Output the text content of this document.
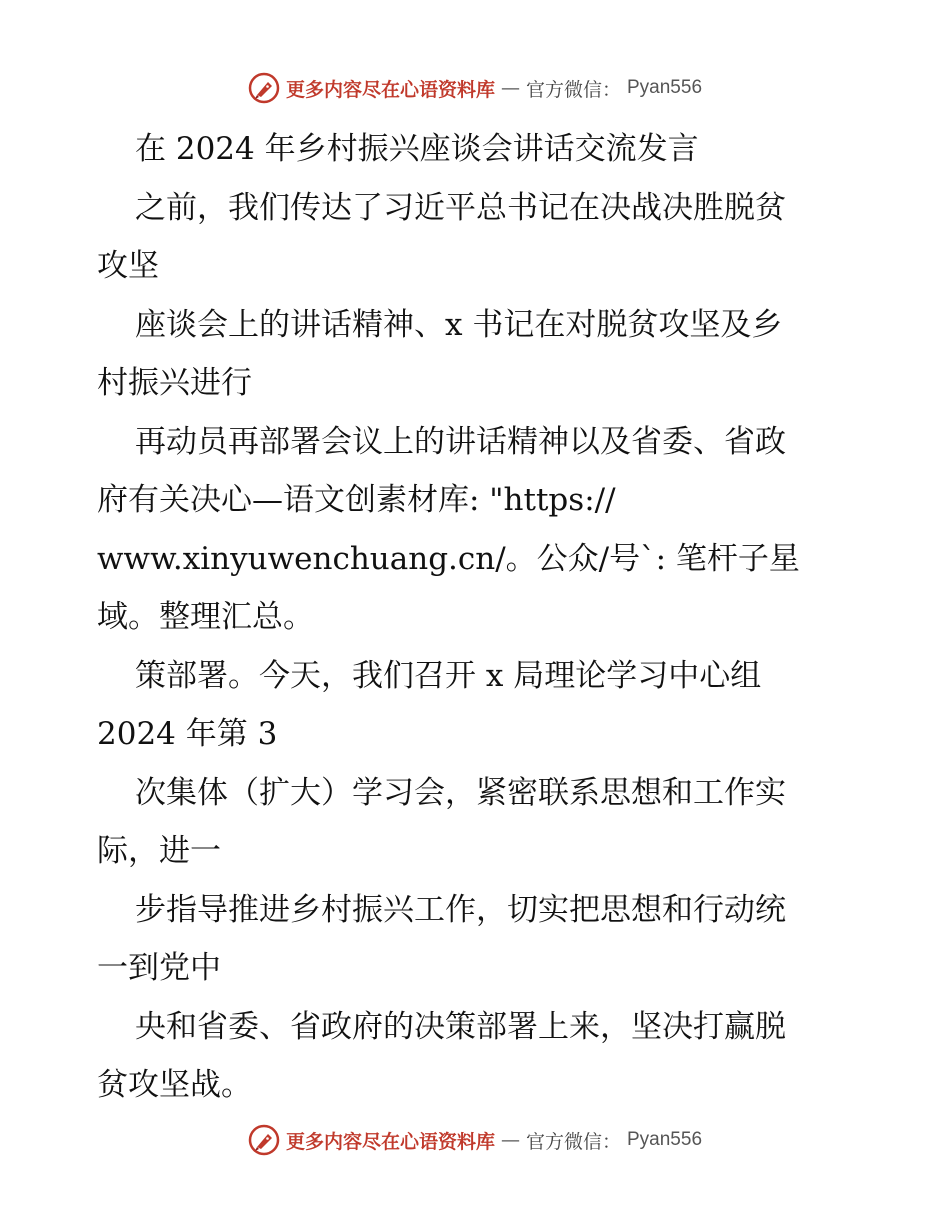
更多内容尽在心语资料库 — 官方微信： Pyan556
在 2024 年乡村振兴座谈会讲话交流发言
之前，我们传达了习近平总书记在决战决胜脱贫
攻坚
座谈会上的讲话精神、x 书记在对脱贫攻坚及乡
村振兴进行
再动员再部署会议上的讲话精神以及省委、省政
府有关决心—语文创素材库: "https://
www.xinyuwenchuang.cn/。公众/号`: 笔杆子星
域。整理汇总。
策部署。今天，我们召开 x 局理论学习中心组
2024 年第 3
次集体（扩大）学习会，紧密联系思想和工作实
际，进一
步指导推进乡村振兴工作，切实把思想和行动统
一到党中
央和省委、省政府的决策部署上来，坚决打赢脱
贫攻坚战。
更多内容尽在心语资料库 — 官方微信： Pyan556
